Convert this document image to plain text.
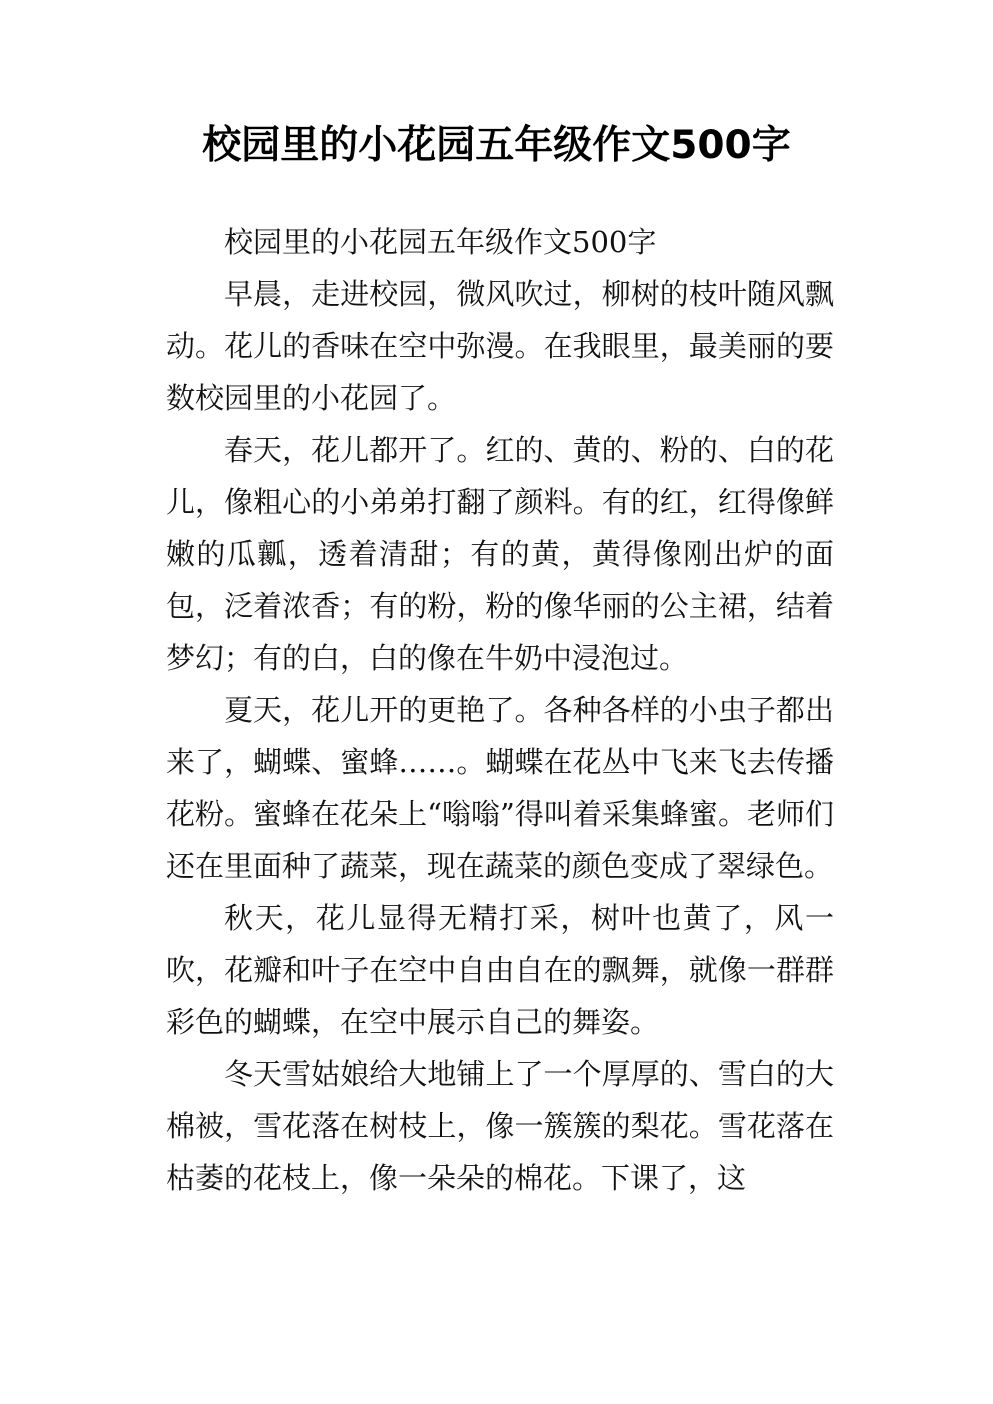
校园里的小花园五年级作文500字

校园里的小花园五年级作文500字

早晨，走进校园，微风吹过，柳树的枝叶随风飘动。花儿的香味在空中弥漫。在我眼里，最美丽的要数校园里的小花园了。

春天，花儿都开了。红的、黄的、粉的、白的花儿，像粗心的小弟弟打翻了颜料。有的红，红得像鲜嫩的瓜瓤，透着清甜；有的黄，黄得像刚出炉的面包，泛着浓香；有的粉，粉的像华丽的公主裙，结着梦幻；有的白，白的像在牛奶中浸泡过。

夏天，花儿开的更艳了。各种各样的小虫子都出来了，蝴蝶、蜜蜂……。蝴蝶在花丛中飞来飞去传播花粉。蜜蜂在花朵上“嗡嗡”得叫着采集蜂蜜。老师们还在里面种了蔬菜，现在蔬菜的颜色变成了翠绿色。

秋天，花儿显得无精打采，树叶也黄了，风一吹，花瓣和叶子在空中自由自在的飘舞，就像一群群彩色的蝴蝶，在空中展示自己的舞姿。

冬天雪姑娘给大地铺上了一个厚厚的、雪白的大棉被，雪花落在树枝上，像一簇簇的梨花。雪花落在枯萎的花枝上，像一朵朵的棉花。下课了，这
